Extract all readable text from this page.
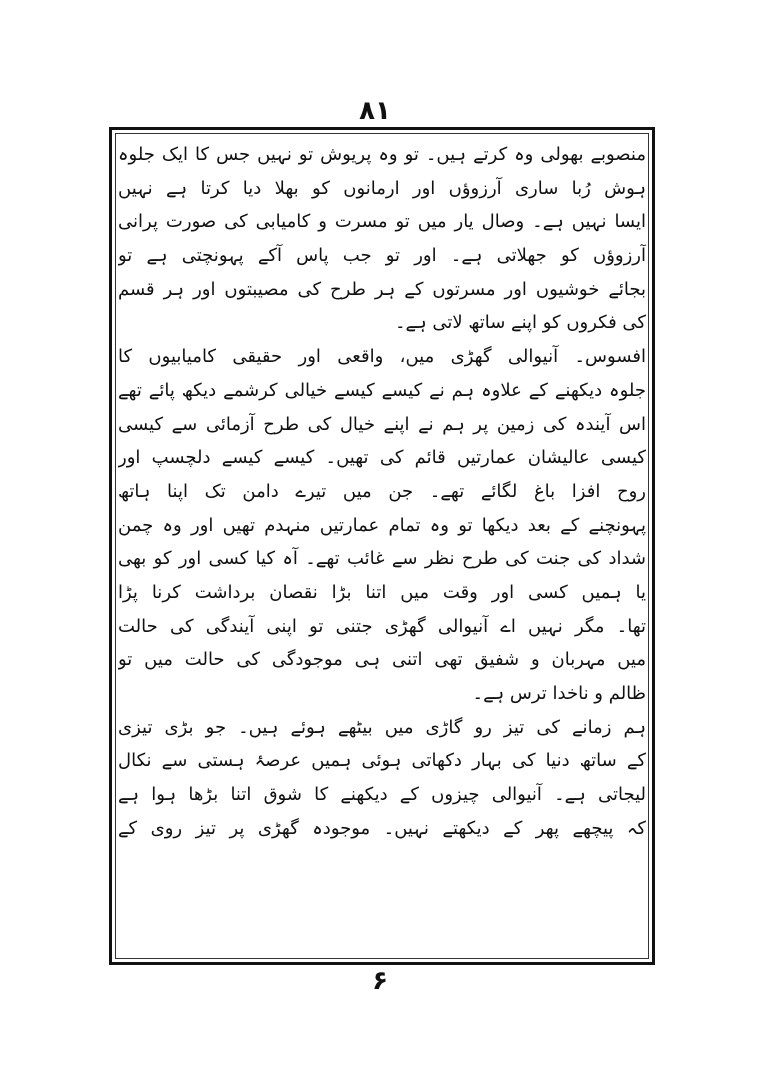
۸۱
منصوبے بھولی وہ کرتے ہیں۔ تو وہ پریوش تو نہیں جس کا ایک جلوہ
ہوش رُبا ساری آرزوؤں اور ارمانوں کو بھلا دیا کرتا ہے نہیں
ایسا نہیں ہے۔ وصال یار میں تو مسرت و کامیابی کی صورت پرانی
آرزوؤں کو جھلاتی ہے۔ اور تو جب پاس آکے پہونچتی ہے تو
بجائے خوشیوں اور مسرتوں کے ہر طرح کی مصیبتوں اور ہر قسم
کی فکروں کو اپنے ساتھ لاتی ہے۔
افسوس۔ آنیوالی گھڑی میں، واقعی اور حقیقی کامیابیوں کا
جلوہ دیکھنے کے علاوہ ہم نے کیسے کیسے خیالی کرشمے دیکھ پائے تھے
اس آیندہ کی زمین پر ہم نے اپنے خیال کی طرح آزمائی سے کیسی
کیسی عالیشان عمارتیں قائم کی تھیں۔ کیسے کیسے دلچسپ اور
روح افزا باغ لگائے تھے۔ جن میں تیرے دامن تک اپنا ہاتھ
پہونچنے کے بعد دیکھا تو وہ تمام عمارتیں منہدم تھیں اور وہ چمن
شداد کی جنت کی طرح نظر سے غائب تھے۔ آہ کیا کسی اور کو بھی
یا ہمیں کسی اور وقت میں اتنا بڑا نقصان برداشت کرنا پڑا
تھا۔ مگر نہیں اے آنیوالی گھڑی جتنی تو اپنی آیندگی کی حالت
میں مہربان و شفیق تھی اتنی ہی موجودگی کی حالت میں تو
ظالم و ناخدا ترس ہے۔
ہم زمانے کی تیز رو گاڑی میں بیٹھے ہوئے ہیں۔ جو بڑی تیزی
کے ساتھ دنیا کی بہار دکھاتی ہوئی ہمیں عرصۂ ہستی سے نکال
لیجاتی ہے۔ آنیوالی چیزوں کے دیکھنے کا شوق اتنا بڑھا ہوا ہے
کہ پیچھے پھر کے دیکھتے نہیں۔ موجودہ گھڑی پر تیز روی کے
۶
